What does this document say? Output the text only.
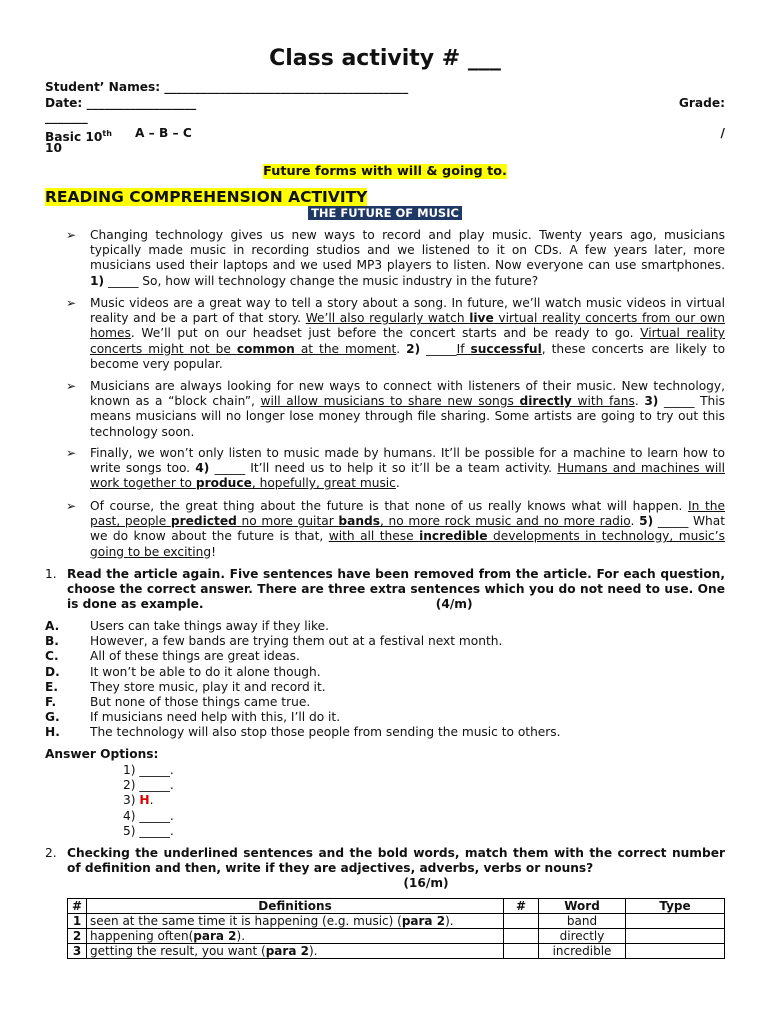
Class activity # ___
Student’ Names: ________________________________________
Date: __________________	Grade:
_______
Basic 10th A – B – C	/
10
Future forms with will & going to.
READING COMPREHENSION ACTIVITY
THE FUTURE OF MUSIC
➢ Changing technology gives us new ways to record and play music. Twenty years ago, musicians typically made music in recording studios and we listened to it on CDs. A few years later, more musicians used their laptops and we used MP3 players to listen. Now everyone can use smartphones. 1) _____ So, how will technology change the music industry in the future?
➢ Music videos are a great way to tell a story about a song. In future, we’ll watch music videos in virtual reality and be a part of that story. We’ll also regularly watch live virtual reality concerts from our own homes. We’ll put on our headset just before the concert starts and be ready to go. Virtual reality concerts might not be common at the moment. 2) _____If successful, these concerts are likely to become very popular.
➢ Musicians are always looking for new ways to connect with listeners of their music. New technology, known as a “block chain”, will allow musicians to share new songs directly with fans. 3) _____ This means musicians will no longer lose money through file sharing. Some artists are going to try out this technology soon.
➢ Finally, we won’t only listen to music made by humans. It’ll be possible for a machine to learn how to write songs too. 4) _____ It’ll need us to help it so it’ll be a team activity. Humans and machines will work together to produce, hopefully, great music.
➢ Of course, the great thing about the future is that none of us really knows what will happen. In the past, people predicted no more guitar bands, no more rock music and no more radio. 5) _____ What we do know about the future is that, with all these incredible developments in technology, music’s going to be exciting!
1. Read the article again. Five sentences have been removed from the article. For each question, choose the correct answer. There are three extra sentences which you do not need to use. One is done as example.	(4/m)
A.	Users can take things away if they like.
B.	However, a few bands are trying them out at a festival next month.
C.	All of these things are great ideas.
D.	It won’t be able to do it alone though.
E.	They store music, play it and record it.
F.	But none of those things came true.
G.	If musicians need help with this, I’ll do it.
H.	The technology will also stop those people from sending the music to others.
Answer Options:
1) _____.
2) _____.
3) H.
4) _____.
5) _____.
2. Checking the underlined sentences and the bold words, match them with the correct number of definition and then, write if they are adjectives, adverbs, verbs or nouns?
(16/m)
#	Definitions	#	Word	Type
1	seen at the same time it is happening (e.g. music) (para 2).		band	
2	happening often(para 2).		directly	
3	getting the result, you want (para 2).		incredible	
